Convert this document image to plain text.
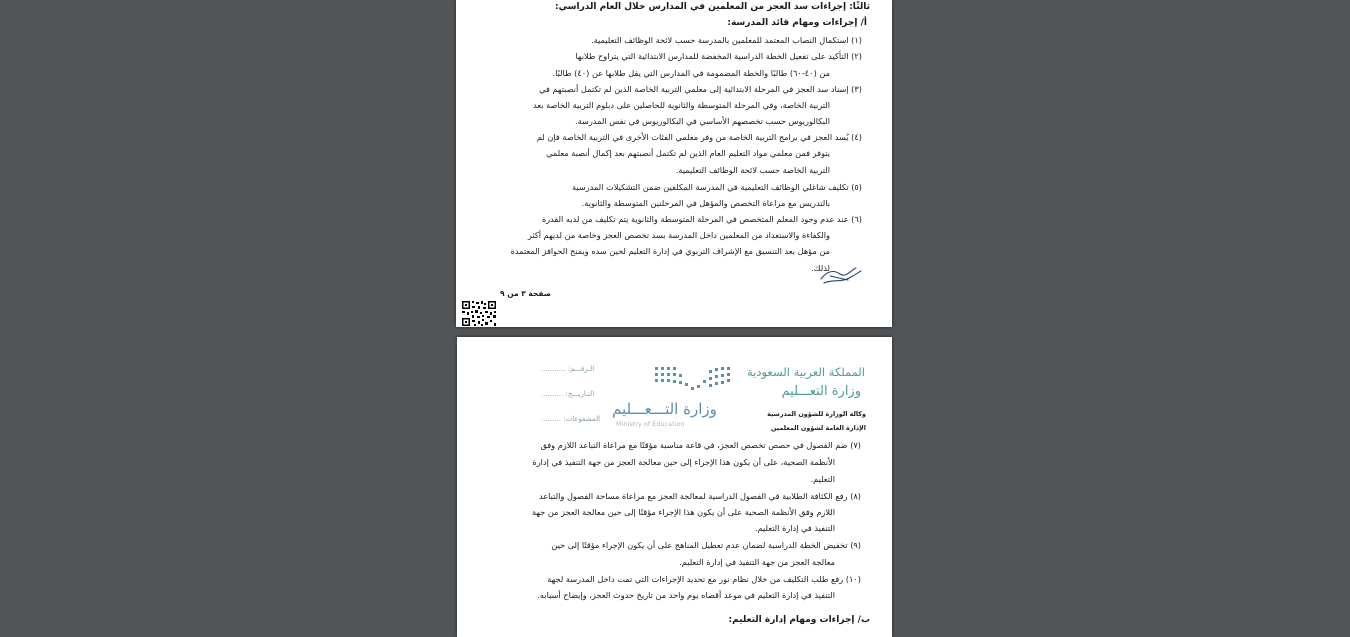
ثالثًا: إجراءات سد العجز من المعلمين في المدارس خلال العام الدراسي:
أ/ إجراءات ومهام قائد المدرسة:
(١) استكمال النصاب المعتمد للمعلمين بالمدرسة حسب لائحة الوظائف التعليمية.
(٢) التأكيد على تفعيل الخطة الدراسية المخفضة للمدارس الابتدائية التي يتراوح طلابها
من (٤٠-٦٠) طالبًا والخطة المضمومة في المدارس التي يقل طلابها عن (٤٠) طالبًا.
(٣) إسناد سد العجز في المرحلة الابتدائية إلى معلمي التربية الخاصة الذين لم تكتمل أنصبتهم في
التربية الخاصة، وفي المرحلة المتوسطة والثانوية للحاصلين على دبلوم التربية الخاصة بعد
البكالوريوس حسب تخصصهم الأساسي في البكالوريوس في نفس المدرسة.
(٤) يُسد العجز في برامج التربية الخاصة من وفر معلمي الفئات الأخرى في التربية الخاصة فإن لم
يتوفر فمن معلمي مواد التعليم العام الذين لم تكتمل أنصبتهم بعد إكمال أنصبة معلمي
التربية الخاصة حسب لائحة الوظائف التعليمية.
(٥) تكليف شاغلي الوظائف التعليمية في المدرسة المكلفين ضمن التشكيلات المدرسية
بالتدريس مع مراعاة التخصص والمؤهل في المرحلتين المتوسطة والثانوية.
(٦) عند عدم وجود المعلم المتخصص في المرحلة المتوسطة والثانوية يتم تكليف من لديه القدرة
والكفاءة والاستعداد من المعلمين داخل المدرسة بسد تخصص العجز وخاصة من لديهم أكثر
من مؤهل بعد التنسيق مع الإشراف التربوي في إدارة التعليم لحين سده ويمنح الحوافز المعتمدة
لذلك.
صفحة ٣ من ٩
المملكة العربية السعودية
وزارة التعـــليم
وكالة الوزارة للشؤون المدرسية
الإدارة العامة لشؤون المعلمين
وزارة التـــعـــليم
Ministry of Education
الـرقـــم: ...........
التـاريـــخ: ..........
المشفوعات: .........
(٧) ضم الفصول في حصص تخصص العجز، في قاعة مناسبة مؤقتًا مع مراعاة التباعد اللازم وفق
الأنظمة الصحية، على أن يكون هذا الإجراء إلى حين معالجة العجز من جهة التنفيذ في إدارة
التعليم.
(٨) رفع الكثافة الطلابية في الفصول الدراسية لمعالجة العجز مع مراعاة مساحة الفصول والتباعد
اللازم وفق الأنظمة الصحية على أن يكون هذا الإجراء مؤقتًا إلى حين معالجة العجز من جهة
التنفيذ في إدارة التعليم.
(٩) تخفيض الخطة الدراسية لضمان عدم تعطيل المناهج على أن يكون الإجراء مؤقتًا إلى حين
معالجة العجز من جهة التنفيذ في إدارة التعليم.
(١٠) رفع طلب التكليف من خلال نظام نور مع تحديد الإجراءات التي تمت داخل المدرسة لجهة
التنفيذ في إدارة التعليم في موعد أقصاه يوم واحد من تاريخ حدوث العجز، وإيضاح أسبابه.
ب/ إجراءات ومهام إدارة التعليم:
